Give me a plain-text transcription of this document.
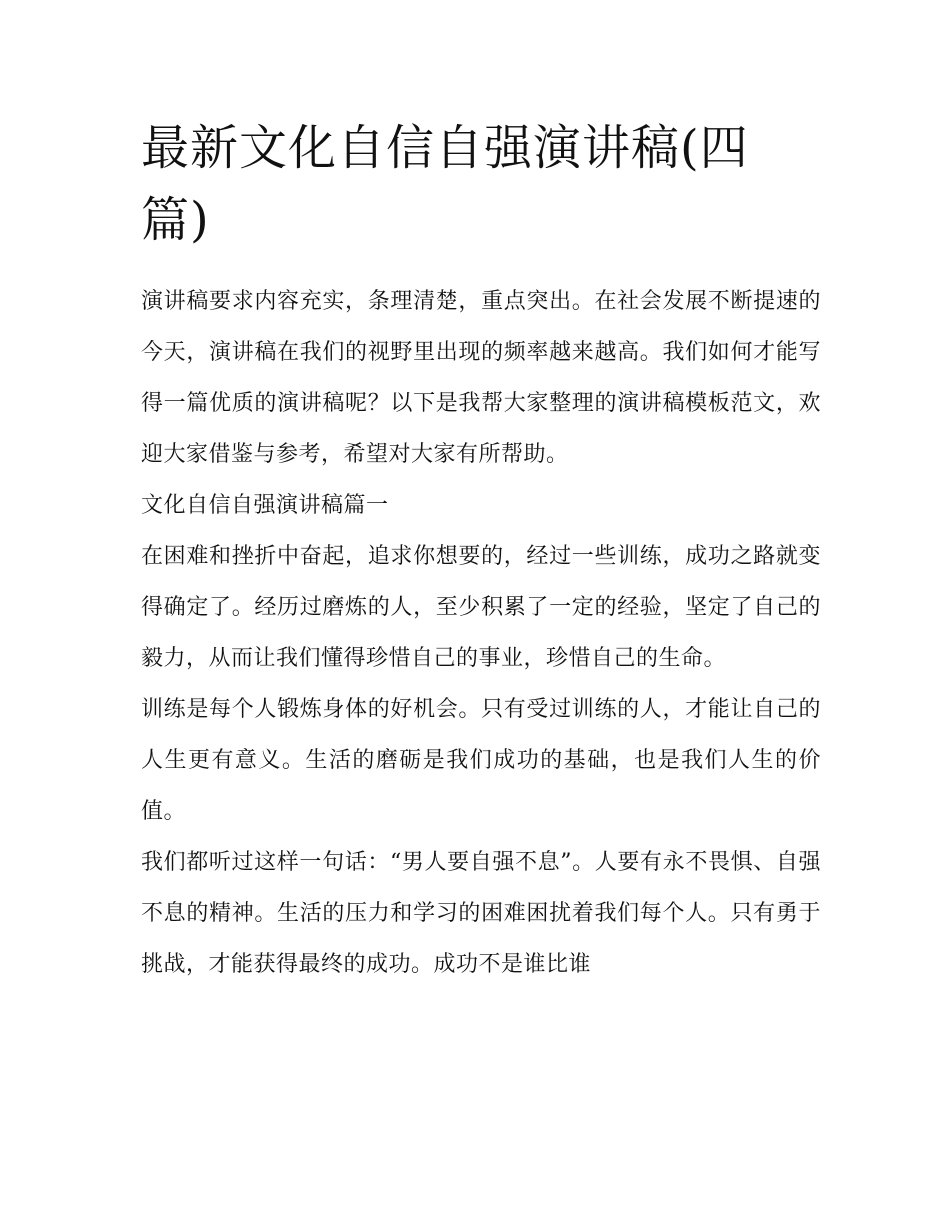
最新文化自信自强演讲稿(四篇)

演讲稿要求内容充实，条理清楚，重点突出。在社会发展不断提速的今天，演讲稿在我们的视野里出现的频率越来越高。我们如何才能写得一篇优质的演讲稿呢？以下是我帮大家整理的演讲稿模板范文，欢迎大家借鉴与参考，希望对大家有所帮助。

文化自信自强演讲稿篇一

在困难和挫折中奋起，追求你想要的，经过一些训练，成功之路就变得确定了。经历过磨炼的人，至少积累了一定的经验，坚定了自己的毅力，从而让我们懂得珍惜自己的事业，珍惜自己的生命。

训练是每个人锻炼身体的好机会。只有受过训练的人，才能让自己的人生更有意义。生活的磨砺是我们成功的基础，也是我们人生的价值。

我们都听过这样一句话：“男人要自强不息”。人要有永不畏惧、自强不息的精神。生活的压力和学习的困难困扰着我们每个人。只有勇于挑战，才能获得最终的成功。成功不是谁比谁
